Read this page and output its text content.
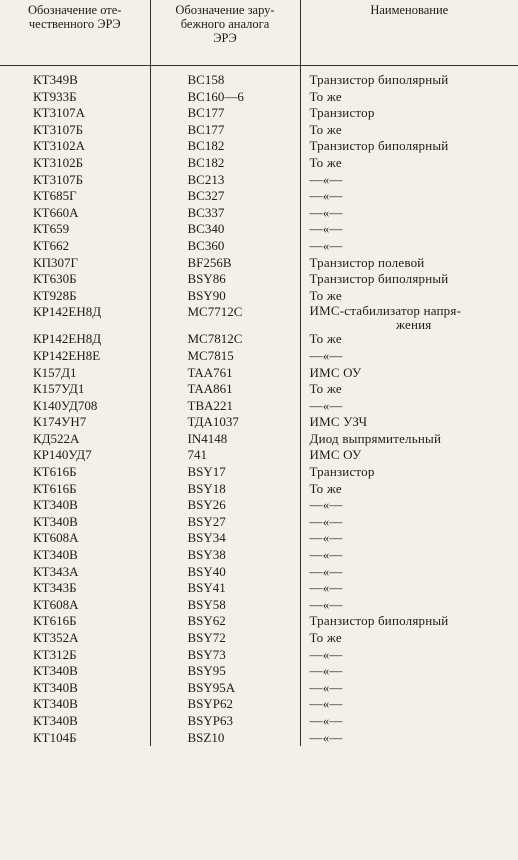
Обозначение оте-
чественного ЭРЭ	Обозначение зару-
бежного аналога
ЭРЭ	Наименование
КТ349В	BC158	Транзистор биполярный
КТ933Б	BC160—6	То же
КТ3107А	BC177	Транзистор
КТ3107Б	BC177	То же
КТ3102А	BC182	Транзистор биполярный
КТ3102Б	BC182	То же
КТ3107Б	BC213	—«—
КТ685Г	BC327	—«—
КТ660А	BC337	—«—
КТ659	BC340	—«—
КТ662	BC360	—«—
КП307Г	BF256B	Транзистор полевой
КТ630Б	BSY86	Транзистор биполярный
КТ928Б	BSY90	То же
КР142ЕН8Д	MC7712C	ИМС-стабилизатор напря-
жения

КР142ЕН8Д	MC7812C	То же
КР142ЕН8Е	MC7815	—«—
К157Д1	TAA761	ИМС ОУ
К157УД1	TAA861	То же
К140УД708	TBA221	—«—
К174УН7	ТДА1037	ИМС УЗЧ
КД522А	IN4148	Диод выпрямительный
КР140УД7	741	ИМС ОУ
КТ616Б	BSY17	Транзистор
КТ616Б	BSY18	То же
КТ340В	BSY26	—«—
КТ340В	BSY27	—«—
КТ608А	BSY34	—«—
КТ340В	BSY38	—«—
КТ343А	BSY40	—«—
КТ343Б	BSY41	—«—
КТ608А	BSY58	—«—
КТ616Б	BSY62	Транзистор биполярный
КТ352А	BSY72	То же
КТ312Б	BSY73	—«—
КТ340В	BSY95	—«—
КТ340В	BSY95A	—«—
КТ340В	BSYP62	—«—
КТ340В	BSYP63	—«—
КТ104Б	BSZ10	—«—
